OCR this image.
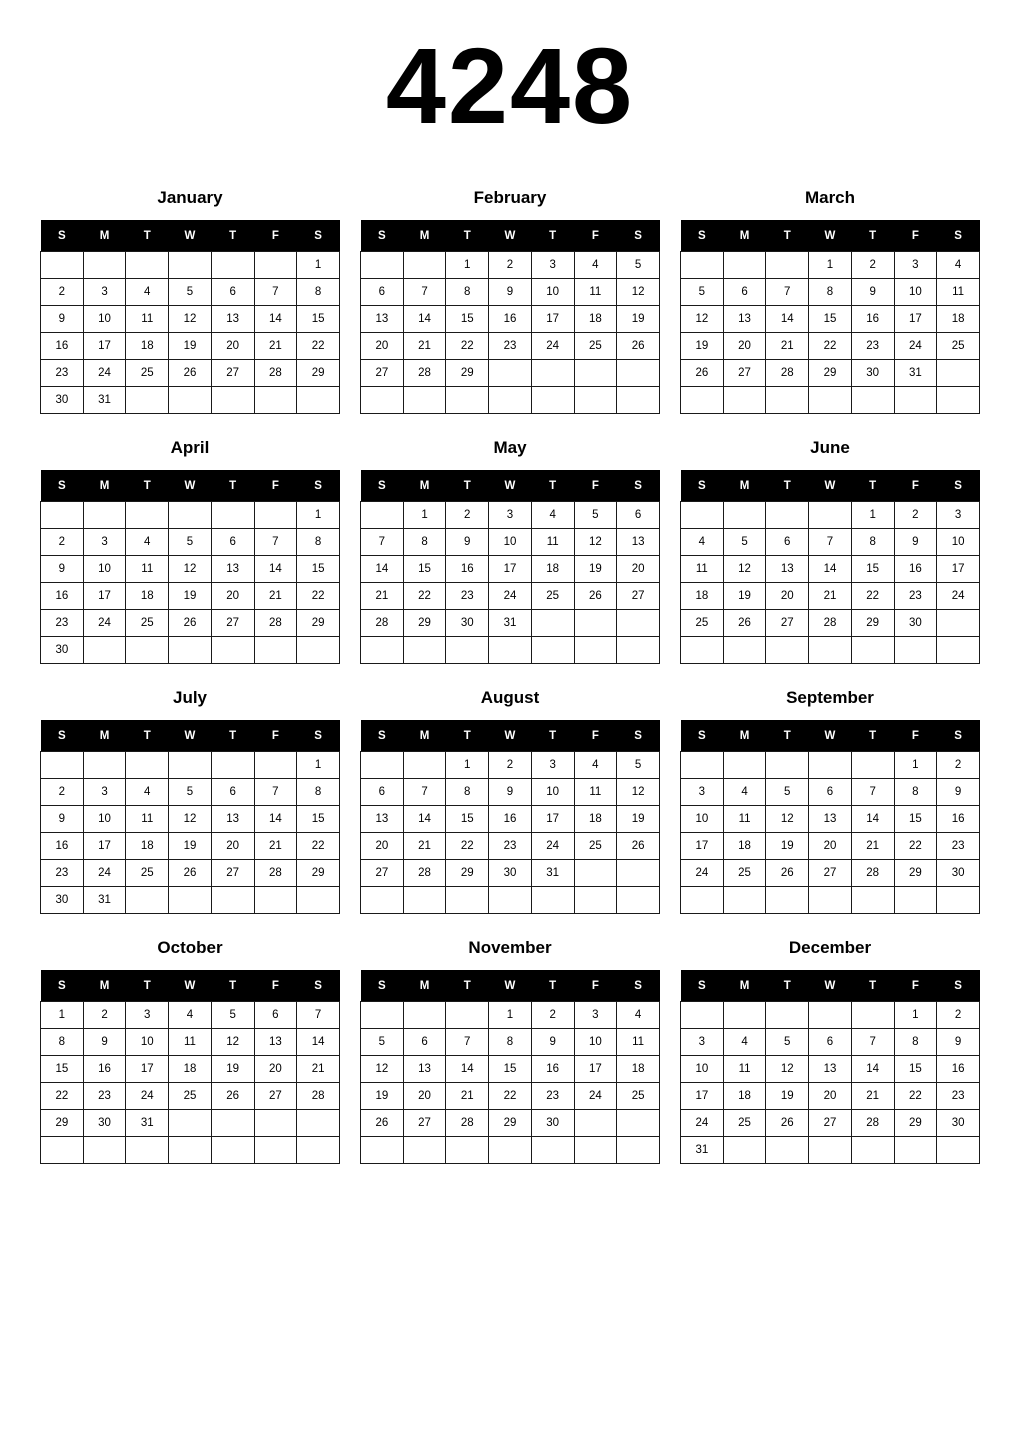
4248
January
S	M	T	W	T	F	S
						1
2	3	4	5	6	7	8
9	10	11	12	13	14	15
16	17	18	19	20	21	22
23	24	25	26	27	28	29
30	31					
February
S	M	T	W	T	F	S
		1	2	3	4	5
6	7	8	9	10	11	12
13	14	15	16	17	18	19
20	21	22	23	24	25	26
27	28	29				

March
S	M	T	W	T	F	S
			1	2	3	4
5	6	7	8	9	10	11
12	13	14	15	16	17	18
19	20	21	22	23	24	25
26	27	28	29	30	31	

April
S	M	T	W	T	F	S
						1
2	3	4	5	6	7	8
9	10	11	12	13	14	15
16	17	18	19	20	21	22
23	24	25	26	27	28	29
30						
May
S	M	T	W	T	F	S
	1	2	3	4	5	6
7	8	9	10	11	12	13
14	15	16	17	18	19	20
21	22	23	24	25	26	27
28	29	30	31			

June
S	M	T	W	T	F	S
				1	2	3
4	5	6	7	8	9	10
11	12	13	14	15	16	17
18	19	20	21	22	23	24
25	26	27	28	29	30	

July
S	M	T	W	T	F	S
						1
2	3	4	5	6	7	8
9	10	11	12	13	14	15
16	17	18	19	20	21	22
23	24	25	26	27	28	29
30	31					
August
S	M	T	W	T	F	S
		1	2	3	4	5
6	7	8	9	10	11	12
13	14	15	16	17	18	19
20	21	22	23	24	25	26
27	28	29	30	31		

September
S	M	T	W	T	F	S
					1	2
3	4	5	6	7	8	9
10	11	12	13	14	15	16
17	18	19	20	21	22	23
24	25	26	27	28	29	30

October
S	M	T	W	T	F	S
1	2	3	4	5	6	7
8	9	10	11	12	13	14
15	16	17	18	19	20	21
22	23	24	25	26	27	28
29	30	31				

November
S	M	T	W	T	F	S
			1	2	3	4
5	6	7	8	9	10	11
12	13	14	15	16	17	18
19	20	21	22	23	24	25
26	27	28	29	30		

December
S	M	T	W	T	F	S
					1	2
3	4	5	6	7	8	9
10	11	12	13	14	15	16
17	18	19	20	21	22	23
24	25	26	27	28	29	30
31						
